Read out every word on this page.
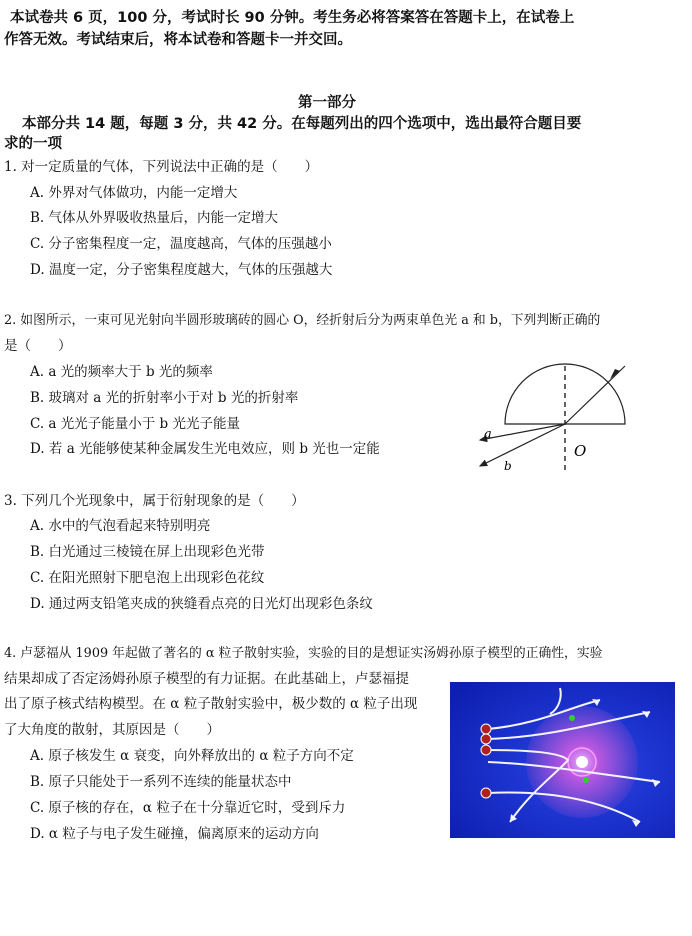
本试卷共 6 页，100 分，考试时长 90 分钟。考生务必将答案答在答题卡上，在试卷上
作答无效。考试结束后，将本试卷和答题卡一并交回。
第一部分
本部分共 14 题，每题 3 分，共 42 分。在每题列出的四个选项中，选出最符合题目要
求的一项
1. 对一定质量的气体，下列说法中正确的是（　　）
A. 外界对气体做功，内能一定增大
B. 气体从外界吸收热量后，内能一定增大
C. 分子密集程度一定，温度越高，气体的压强越小
D. 温度一定，分子密集程度越大，气体的压强越大
2. 如图所示，一束可见光射向半圆形玻璃砖的圆心 O，经折射后分为两束单色光 a 和 b，下列判断正确的
是（　　）
A. a 光的频率大于 b 光的频率
B. 玻璃对 a 光的折射率小于对 b 光的折射率
C. a 光光子能量小于 b 光光子能量
D. 若 a 光能够使某种金属发生光电效应，则 b 光也一定能
a
b
O
3. 下列几个光现象中，属于衍射现象的是（　　）
A. 水中的气泡看起来特别明亮
B. 白光通过三棱镜在屏上出现彩色光带
C. 在阳光照射下肥皂泡上出现彩色花纹
D. 通过两支铅笔夹成的狭缝看点亮的日光灯出现彩色条纹
4. 卢瑟福从 1909 年起做了著名的 α 粒子散射实验，实验的目的是想证实汤姆孙原子模型的正确性，实验
结果却成了否定汤姆孙原子模型的有力证据。在此基础上，卢瑟福提
出了原子核式结构模型。在 α 粒子散射实验中，极少数的 α 粒子出现
了大角度的散射，其原因是（　　）
A. 原子核发生 α 衰变，向外释放出的 α 粒子方向不定
B. 原子只能处于一系列不连续的能量状态中
C. 原子核的存在，α 粒子在十分靠近它时，受到斥力
D. α 粒子与电子发生碰撞，偏离原来的运动方向
